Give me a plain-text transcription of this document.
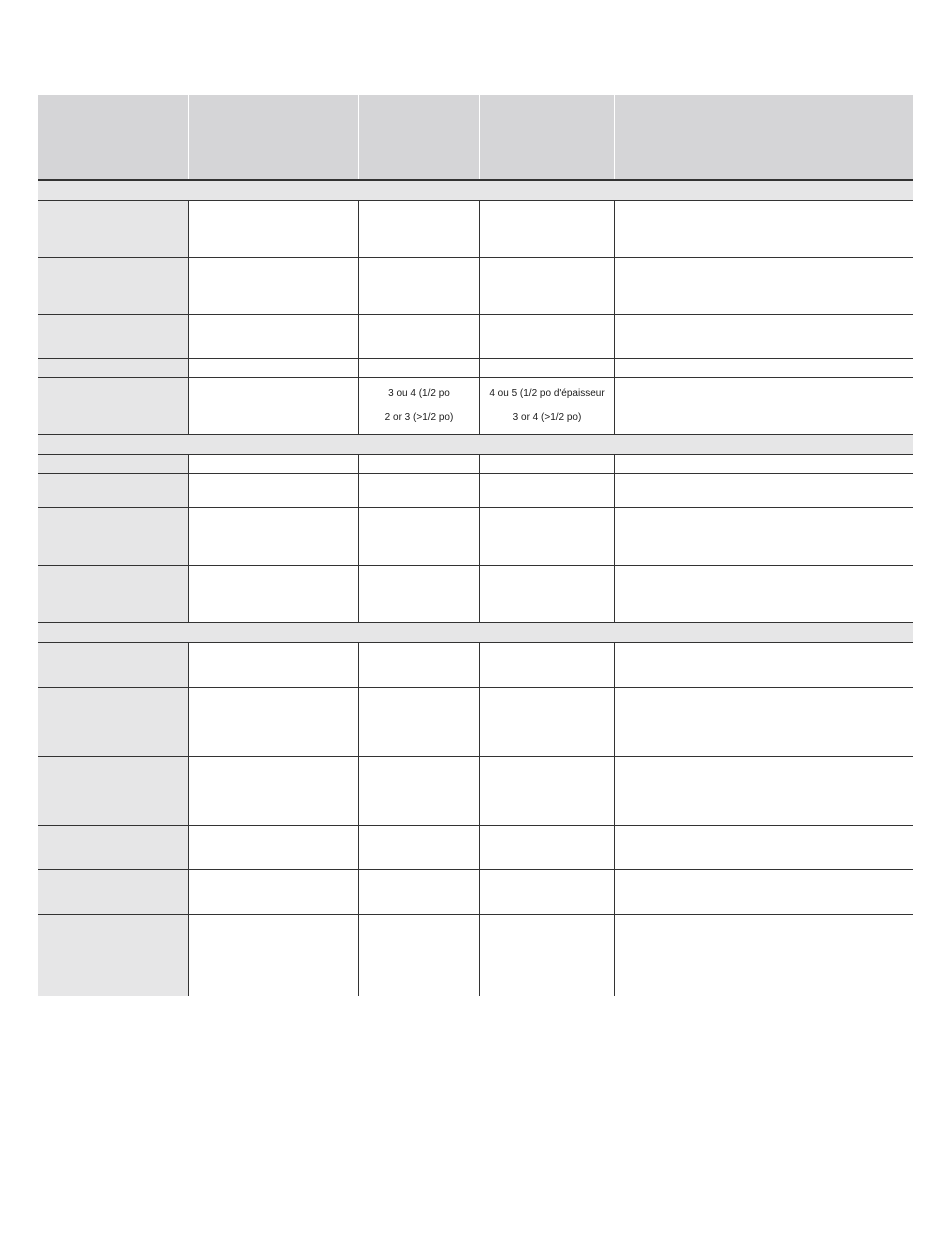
3 ou 4 (1/2 po
2 or 3 (>1/2 po)
4 ou 5 (1/2 po d'épaisseur
3 or 4 (>1/2 po)
